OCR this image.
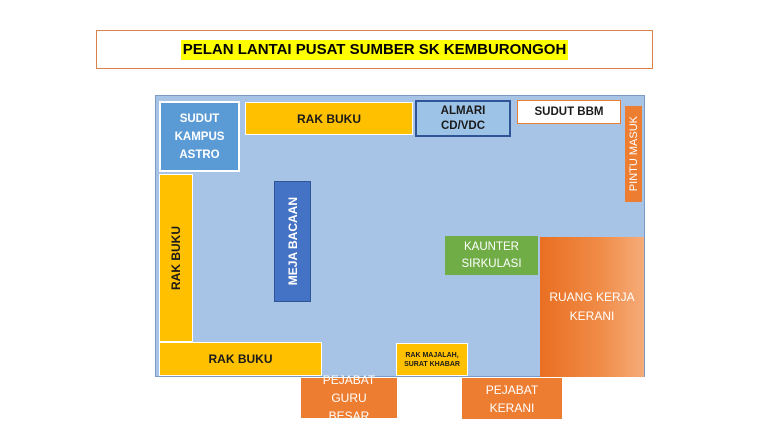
PELAN LANTAI PUSAT SUMBER SK KEMBURONGOH
SUDUT KAMPUS ASTRO
RAK BUKU
ALMARI CD/VDC
SUDUT BBM
PINTU MASUK
RAK BUKU	MEJA BACAAN	KAUNTER SIRKULASI
RUANG KERJA KERANI
RAK BUKU	RAK MAJALAH, SURAT KHABAR
PEJABAT GURU BESAR
PEJABAT KERANI
